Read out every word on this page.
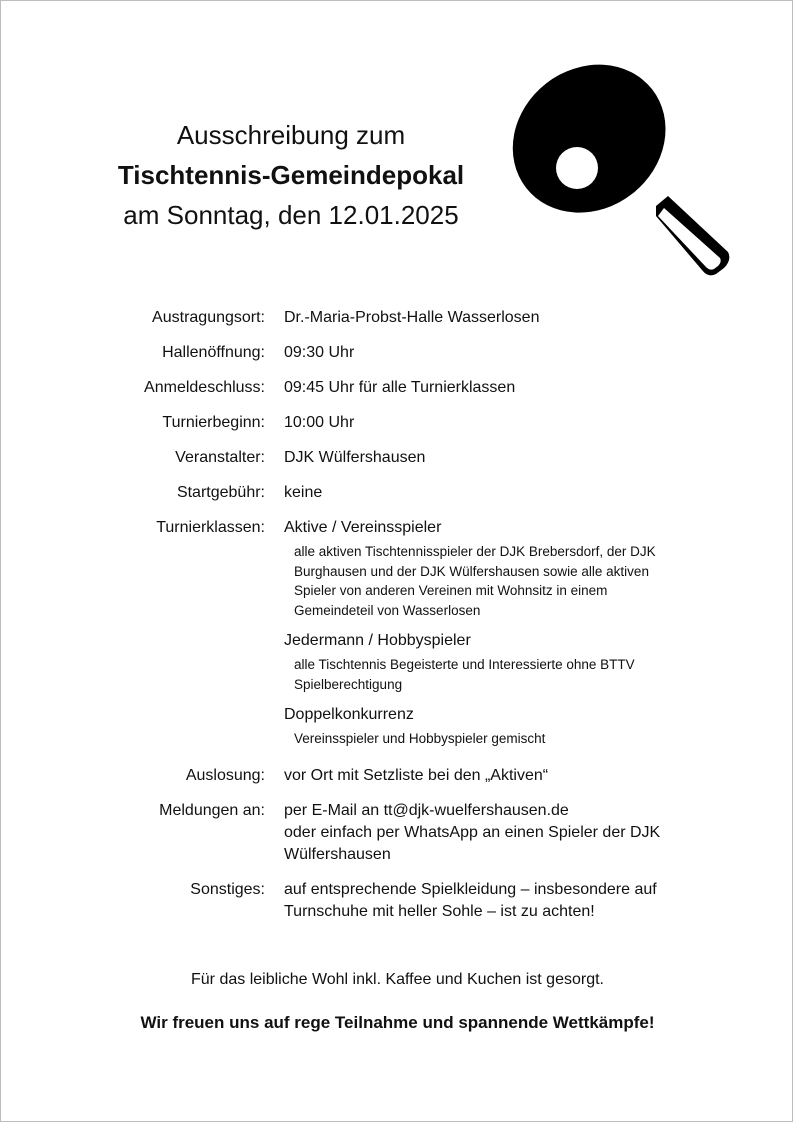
Ausschreibung zum
Tischtennis-Gemeindepokal
am Sonntag, den 12.01.2025
Austragungsort:	Dr.-Maria-Probst-Halle Wasserlosen
Hallenöffnung:	09:30 Uhr
Anmeldeschluss:	09:45 Uhr für alle Turnierklassen
Turnierbeginn:	10:00 Uhr
Veranstalter:	DJK Wülfershausen
Startgebühr:	keine
Turnierklassen:	Aktive / Vereinsspieler
alle aktiven Tischtennisspieler der DJK Brebersdorf, der DJK Burghausen und der DJK Wülfershausen sowie alle aktiven Spieler von anderen Vereinen mit Wohnsitz in einem Gemeindeteil von Wasserlosen
Jedermann / Hobbyspieler
alle Tischtennis Begeisterte und Interessierte ohne BTTV Spielberechtigung
Doppelkonkurrenz
Vereinsspieler und Hobbyspieler gemischt
Auslosung:	vor Ort mit Setzliste bei den „Aktiven“
Meldungen an:	per E-Mail an tt@djk-wuelfershausen.de
oder einfach per WhatsApp an einen Spieler der DJK Wülfershausen
Sonstiges:	auf entsprechende Spielkleidung – insbesondere auf Turnschuhe mit heller Sohle – ist zu achten!
Für das leibliche Wohl inkl. Kaffee und Kuchen ist gesorgt.
Wir freuen uns auf rege Teilnahme und spannende Wettkämpfe!
